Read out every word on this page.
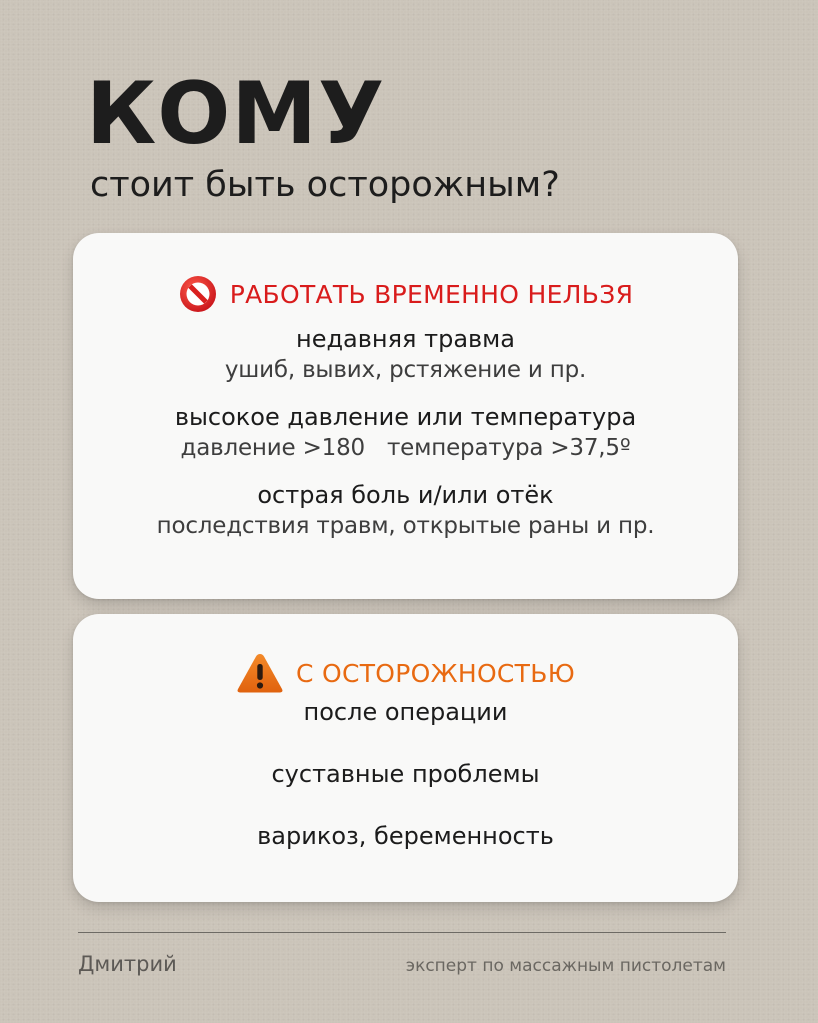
КОМУ

стоит быть осторожным?

РАБОТАТЬ ВРЕМЕННО НЕЛЬЗЯ

недавняя травма

ушиб, вывих, рстяжение и пр.

высокое давление или температура

давление >180 температура >37,5º

острая боль и/или отёк

последствия травм, открытые раны и пр.

С ОСТОРОЖНОСТЬЮ

после операции

суставные проблемы

варикоз, беременность

Дмитрий	эксперт по массажным пистолетам
